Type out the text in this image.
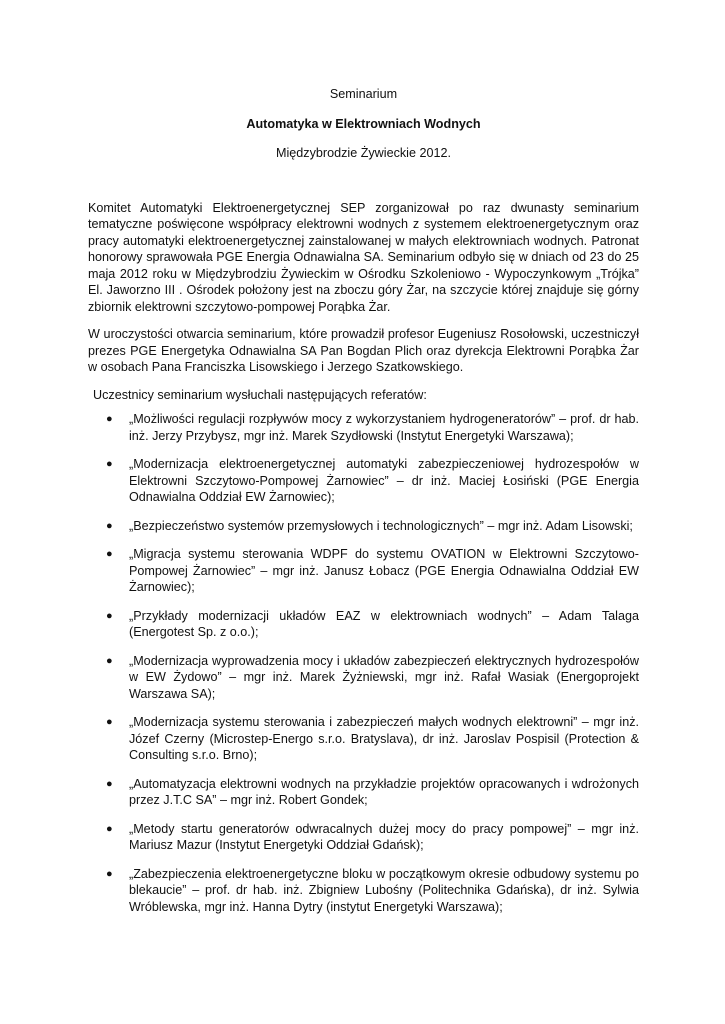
Seminarium

Automatyka w Elektrowniach Wodnych

Międzybrodzie Żywieckie 2012.

Komitet Automatyki Elektroenergetycznej SEP zorganizował po raz dwunasty seminarium tematyczne poświęcone współpracy elektrowni wodnych z systemem elektroenergetycznym oraz pracy automatyki elektroenergetycznej zainstalowanej w małych elektrowniach wodnych. Patronat honorowy sprawowała PGE Energia Odnawialna SA. Seminarium odbyło się w dniach od 23 do 25 maja 2012 roku w Międzybrodziu Żywieckim w Ośrodku Szkoleniowo - Wypoczynkowym „Trójka” El. Jaworzno III . Ośrodek położony jest na zboczu góry Żar, na szczycie której znajduje się górny zbiornik elektrowni szczytowo-pompowej Porąbka Żar.

W uroczystości otwarcia seminarium, które prowadził profesor Eugeniusz Rosołowski, uczestniczył prezes PGE Energetyka Odnawialna SA Pan Bogdan Plich oraz dyrekcja Elektrowni Porąbka Żar w osobach Pana Franciszka Lisowskiego i Jerzego Szatkowskiego.

Uczestnicy seminarium wysłuchali następujących referatów:

● „Możliwości regulacji rozpływów mocy z wykorzystaniem hydrogeneratorów” – prof. dr hab. inż. Jerzy Przybysz, mgr inż. Marek Szydłowski (Instytut Energetyki Warszawa);
● „Modernizacja elektroenergetycznej automatyki zabezpieczeniowej hydrozespołów w Elektrowni Szczytowo-Pompowej Żarnowiec” – dr inż. Maciej Łosiński (PGE Energia Odnawialna Oddział EW Żarnowiec);
● „Bezpieczeństwo systemów przemysłowych i technologicznych” – mgr inż. Adam Lisowski;
● „Migracja systemu sterowania WDPF do systemu OVATION w Elektrowni Szczytowo-Pompowej Żarnowiec” – mgr inż. Janusz Łobacz (PGE Energia Odnawialna Oddział EW Żarnowiec);
● „Przykłady modernizacji układów EAZ w elektrowniach wodnych” – Adam Talaga (Energotest Sp. z o.o.);
● „Modernizacja wyprowadzenia mocy i układów zabezpieczeń elektrycznych hydrozespołów w EW Żydowo” – mgr inż. Marek Żyżniewski, mgr inż. Rafał Wasiak (Energoprojekt Warszawa SA);
● „Modernizacja systemu sterowania i zabezpieczeń małych wodnych elektrowni” – mgr inż. Józef Czerny (Microstep-Energo s.r.o. Bratyslava), dr inż. Jaroslav Pospisil (Protection & Consulting s.r.o. Brno);
● „Automatyzacja elektrowni wodnych na przykładzie projektów opracowanych i wdrożonych przez J.T.C SA” – mgr inż. Robert Gondek;
● „Metody startu generatorów odwracalnych dużej mocy do pracy pompowej” – mgr inż. Mariusz Mazur (Instytut Energetyki Oddział Gdańsk);
● „Zabezpieczenia elektroenergetyczne bloku w początkowym okresie odbudowy systemu po blekaucie” – prof. dr hab. inż. Zbigniew Lubośny (Politechnika Gdańska), dr inż. Sylwia Wróblewska, mgr inż. Hanna Dytry (instytut Energetyki Warszawa);
